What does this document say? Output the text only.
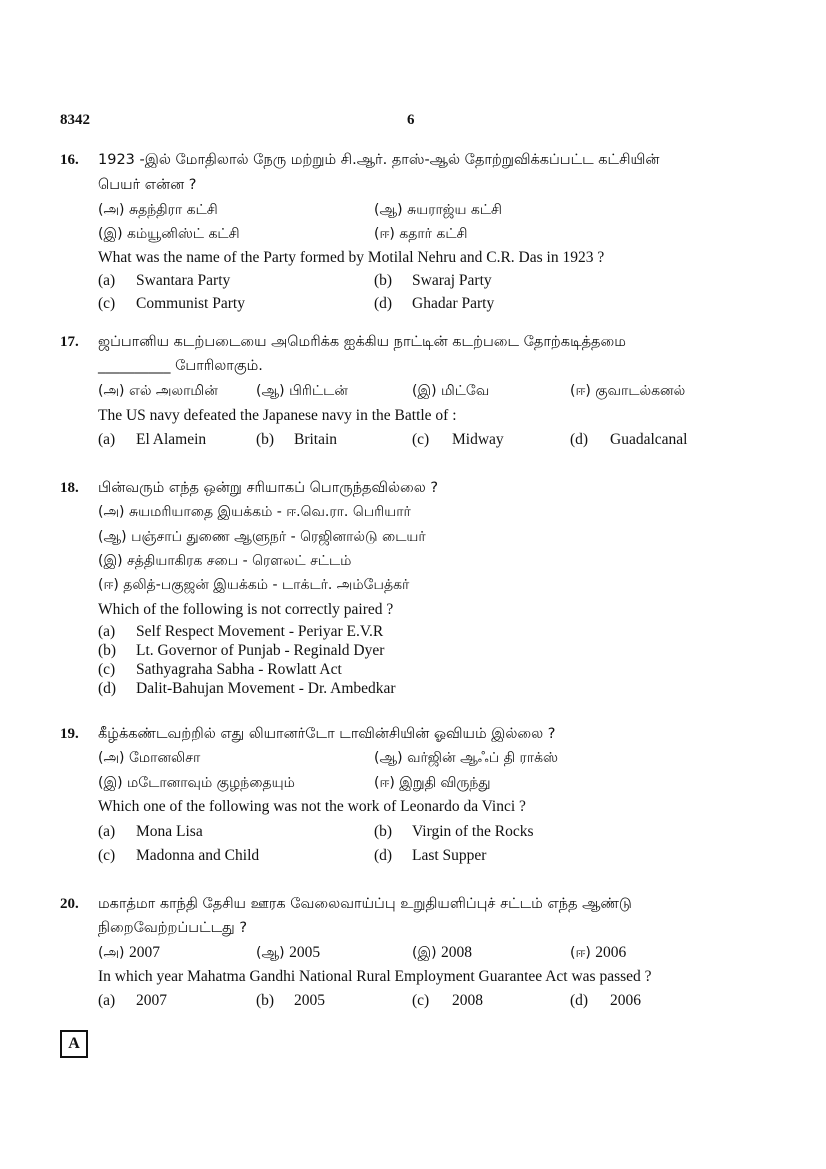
8342	6
16. 1923 -இல் மோதிலால் நேரு மற்றும் சி.ஆர். தாஸ்-ஆல் தோற்றுவிக்கப்பட்ட கட்சியின்
பெயர் என்ன ?
(அ) சுதந்திரா கட்சி	(ஆ) சுயராஜ்ய கட்சி
(இ) கம்யூனிஸ்ட் கட்சி	(ஈ) கதார் கட்சி
What was the name of the Party formed by Motilal Nehru and C.R. Das in 1923 ?
(a) Swantara Party	(b) Swaraj Party
(c) Communist Party	(d) Ghadar Party
17. ஜப்பானிய கடற்படையை அமெரிக்க ஐக்கிய நாட்டின் கடற்படை தோற்கடித்தமை
__________ போரிலாகும்.
(அ) எல் அலாமின்	(ஆ) பிரிட்டன்	(இ) மிட்வே	(ஈ) குவாடல்கனல்
The US navy defeated the Japanese navy in the Battle of :
(a) El Alamein	(b) Britain	(c) Midway	(d) Guadalcanal
18. பின்வரும் எந்த ஒன்று சரியாகப் பொருந்தவில்லை ?
(அ) சுயமரியாதை இயக்கம் - ஈ.வெ.ரா. பெரியார்
(ஆ) பஞ்சாப் துணை ஆளுநர் - ரெஜினால்டு டையர்
(இ) சத்தியாகிரக சபை - ரௌலட் சட்டம்
(ஈ) தலித்-பகுஜன் இயக்கம் - டாக்டர். அம்பேத்கர்
Which of the following is not correctly paired ?
(a) Self Respect Movement - Periyar E.V.R
(b) Lt. Governor of Punjab - Reginald Dyer
(c) Sathyagraha Sabha - Rowlatt Act
(d) Dalit-Bahujan Movement - Dr. Ambedkar
19. கீழ்க்கண்டவற்றில் எது லியானர்டோ டாவின்சியின் ஓவியம் இல்லை ?
(அ) மோனலிசா	(ஆ) வர்ஜின் ஆஃப் தி ராக்ஸ்
(இ) மடோனாவும் குழந்தையும்	(ஈ) இறுதி விருந்து
Which one of the following was not the work of Leonardo da Vinci ?
(a) Mona Lisa	(b) Virgin of the Rocks
(c) Madonna and Child	(d) Last Supper
20. மகாத்மா காந்தி தேசிய ஊரக வேலைவாய்ப்பு உறுதியளிப்புச் சட்டம் எந்த ஆண்டு
நிறைவேற்றப்பட்டது ?
(அ) 2007	(ஆ) 2005	(இ) 2008	(ஈ) 2006
In which year Mahatma Gandhi National Rural Employment Guarantee Act was passed ?
(a) 2007	(b) 2005	(c) 2008	(d) 2006
A
